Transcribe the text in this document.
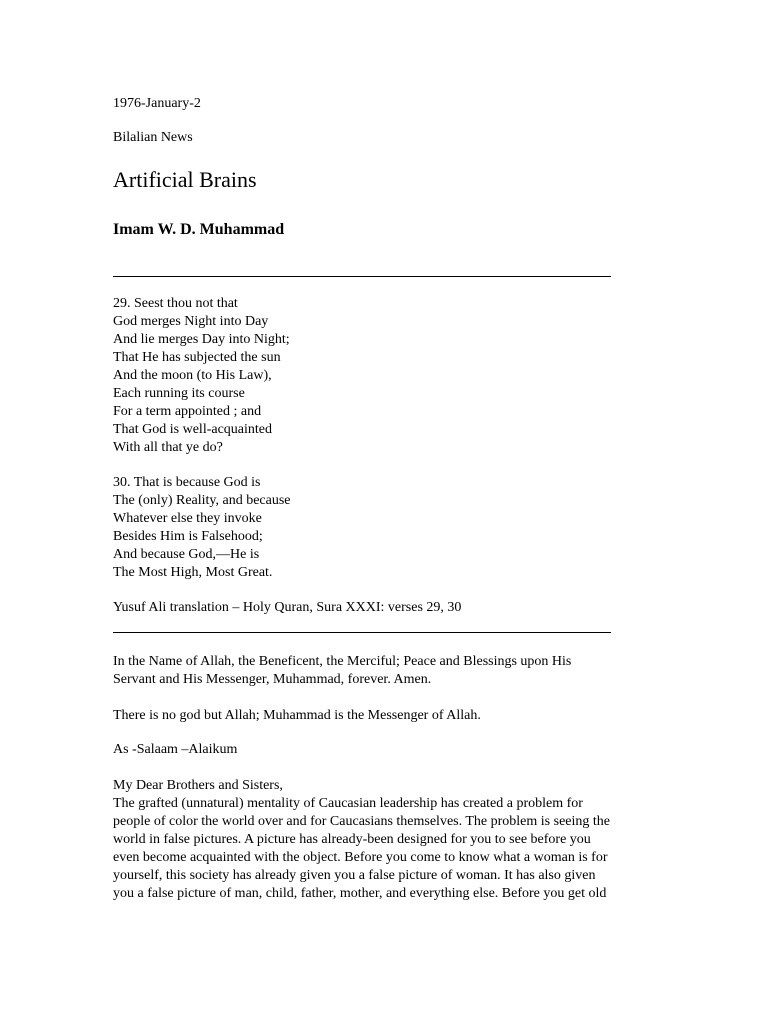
1976-January-2
Bilalian News
Artificial Brains
Imam W. D. Muhammad
29. Seest thou not that
God merges Night into Day
And lie merges Day into Night;
That He has subjected the sun
And the moon (to His Law),
Each running its course
For a term appointed ; and
That God is well-acquainted
With all that ye do?
30. That is because God is
The (only) Reality, and because
Whatever else they invoke
Besides Him is Falsehood;
And because God,—He is
The Most High, Most Great.
Yusuf Ali translation – Holy Quran, Sura XXXI: verses 29, 30
In the Name of Allah, the Beneficent, the Merciful; Peace and Blessings upon His
Servant and His Messenger, Muhammad, forever. Amen.
There is no god but Allah; Muhammad is the Messenger of Allah.
As -Salaam –Alaikum
My Dear Brothers and Sisters,
The grafted (unnatural) mentality of Caucasian leadership has created a problem for
people of color the world over and for Caucasians themselves. The problem is seeing the
world in false pictures. A picture has already-been designed for you to see before you
even become acquainted with the object. Before you come to know what a woman is for
yourself, this society has already given you a false picture of woman. It has also given
you a false picture of man, child, father, mother, and everything else. Before you get old
